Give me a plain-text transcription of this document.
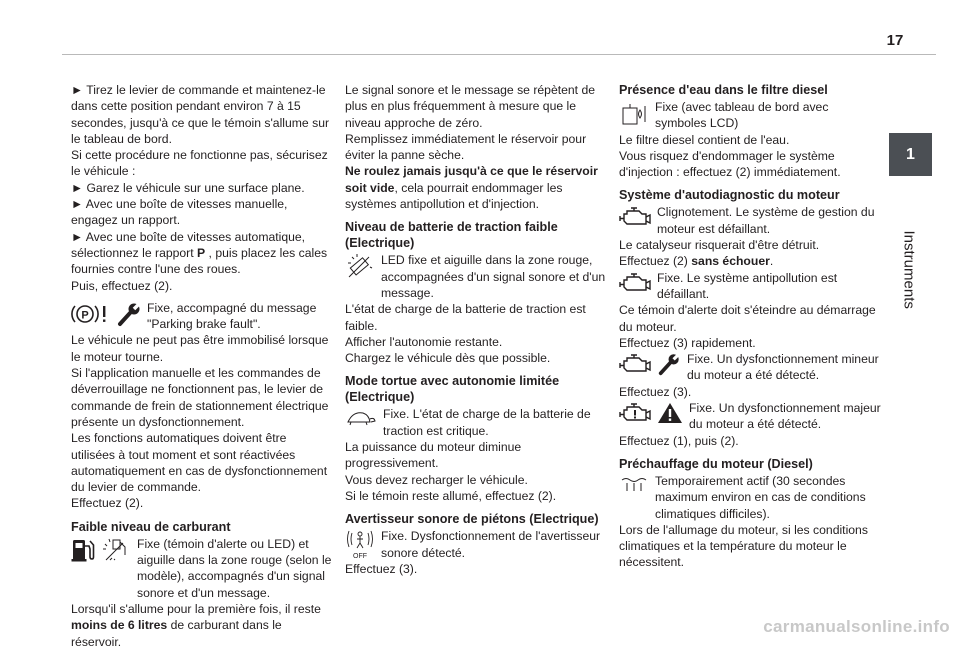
17
1
Instruments

► Tirez le levier de commande et maintenez-le dans cette position pendant environ 7 à 15 secondes, jusqu'à ce que le témoin s'allume sur le tableau de bord.

Si cette procédure ne fonctionne pas, sécurisez le véhicule :

► Garez le véhicule sur une surface plane.

► Avec une boîte de vitesses manuelle, engagez un rapport.

► Avec une boîte de vitesses automatique, sélectionnez le rapport P , puis placez les cales fournies contre l'une des roues.

Puis, effectuez (2).

P

Fixe, accompagné du message "Parking brake fault".

Le véhicule ne peut pas être immobilisé lorsque le moteur tourne.

Si l'application manuelle et les commandes de déverrouillage ne fonctionnent pas, le levier de commande de frein de stationnement électrique présente un dysfonctionnement.

Les fonctions automatiques doivent être utilisées à tout moment et sont réactivées automatiquement en cas de dysfonctionnement du levier de commande.

Effectuez (2).

Faible niveau de carburant

Fixe (témoin d'alerte ou LED) et aiguille dans la zone rouge (selon le modèle), accompagnés d'un signal sonore et d'un message.

Lorsqu'il s'allume pour la première fois, il reste moins de 6 litres de carburant dans le réservoir.

Le signal sonore et le message se répètent de plus en plus fréquemment à mesure que le niveau approche de zéro.

Remplissez immédiatement le réservoir pour éviter la panne sèche.

Ne roulez jamais jusqu'à ce que le réservoir soit vide, cela pourrait endommager les systèmes antipollution et d'injection.

Niveau de batterie de traction faible (Electrique)

LED fixe et aiguille dans la zone rouge, accompagnées d'un signal sonore et d'un message.

L'état de charge de la batterie de traction est faible.

Afficher l'autonomie restante.

Chargez le véhicule dès que possible.

Mode tortue avec autonomie limitée (Electrique)

Fixe. L'état de charge de la batterie de traction est critique.

La puissance du moteur diminue progressivement.

Vous devez recharger le véhicule.

Si le témoin reste allumé, effectuez (2).

Avertisseur sonore de piétons (Electrique)
OFF

Fixe. Dysfonctionnement de l'avertisseur sonore détecté.

Effectuez (3).

Présence d'eau dans le filtre diesel

Fixe (avec tableau de bord avec symboles LCD)

Le filtre diesel contient de l'eau.

Vous risquez d'endommager le système d'injection : effectuez (2) immédiatement.

Système d'autodiagnostic du moteur

Clignotement. Le système de gestion du moteur est défaillant.

Le catalyseur risquerait d'être détruit.

Effectuez (2) sans échouer.

Fixe. Le système antipollution est défaillant.

Ce témoin d'alerte doit s'éteindre au démarrage du moteur.

Effectuez (3) rapidement.

Fixe. Un dysfonctionnement mineur du moteur a été détecté.

Effectuez (3).

Fixe. Un dysfonctionnement majeur du moteur a été détecté.

Effectuez (1), puis (2).

Préchauffage du moteur (Diesel)

Temporairement actif (30 secondes maximum environ en cas de conditions climatiques difficiles).

Lors de l'allumage du moteur, si les conditions climatiques et la température du moteur le nécessitent.

carmanualsonline.info
